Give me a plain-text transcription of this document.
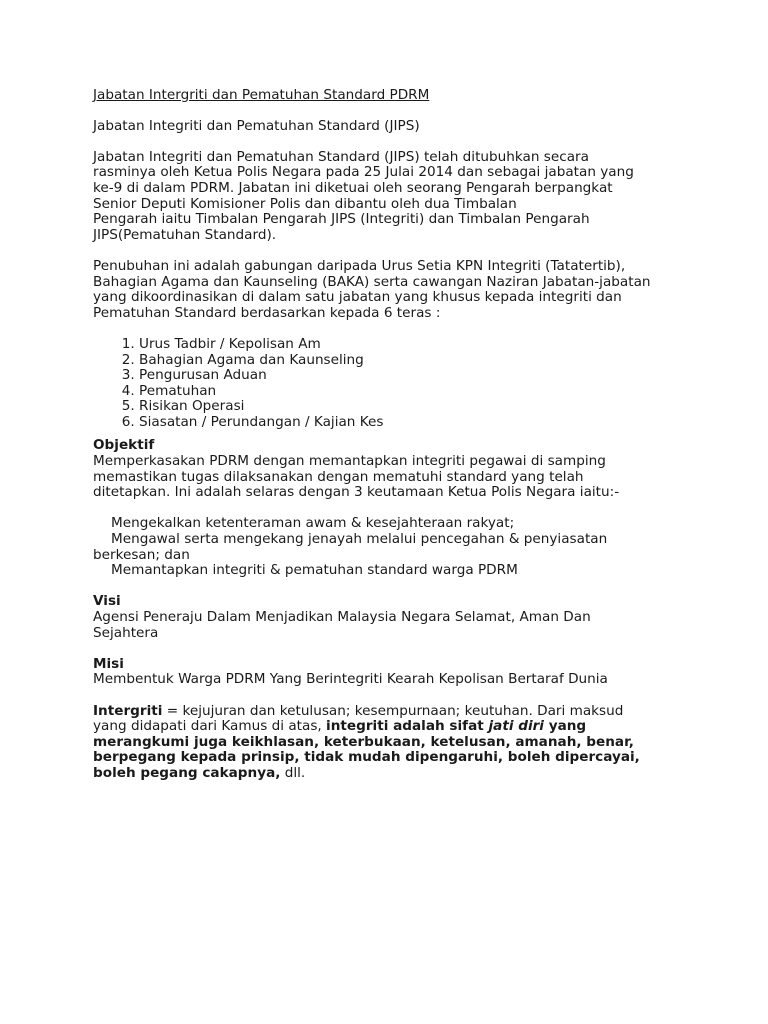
Jabatan Intergriti dan Pematuhan Standard PDRM

Jabatan Integriti dan Pematuhan Standard (JIPS)

Jabatan Integriti dan Pematuhan Standard (JIPS) telah ditubuhkan secara

rasminya oleh Ketua Polis Negara pada 25 Julai 2014 dan sebagai jabatan yang

ke-9 di dalam PDRM. Jabatan ini diketuai oleh seorang Pengarah berpangkat

Senior Deputi Komisioner Polis dan dibantu oleh dua Timbalan

Pengarah iaitu Timbalan Pengarah JIPS (Integriti) dan Timbalan Pengarah

JIPS(Pematuhan Standard).

Penubuhan ini adalah gabungan daripada Urus Setia KPN Integriti (Tatatertib),

Bahagian Agama dan Kaunseling (BAKA) serta cawangan Naziran Jabatan-jabatan

yang dikoordinasikan di dalam satu jabatan yang khusus kepada integriti dan

Pematuhan Standard berdasarkan kepada 6 teras :

1. Urus Tadbir / Kepolisan Am
2. Bahagian Agama dan Kaunseling
3. Pengurusan Aduan
4. Pematuhan
5. Risikan Operasi
6. Siasatan / Perundangan / Kajian Kes

Objektif

Memperkasakan PDRM dengan memantapkan integriti pegawai di samping

memastikan tugas dilaksanakan dengan mematuhi standard yang telah

ditetapkan. Ini adalah selaras dengan 3 keutamaan Ketua Polis Negara iaitu:-

Mengekalkan ketenteraman awam & kesejahteraan rakyat;

Mengawal serta mengekang jenayah melalui pencegahan & penyiasatan

berkesan; dan

Memantapkan integriti & pematuhan standard warga PDRM

Visi

Agensi Peneraju Dalam Menjadikan Malaysia Negara Selamat, Aman Dan

Sejahtera

Misi

Membentuk Warga PDRM Yang Berintegriti Kearah Kepolisan Bertaraf Dunia

Intergriti = kejujuran dan ketulusan; kesempurnaan; keutuhan. Dari maksud

yang didapati dari Kamus di atas, integriti adalah sifat jati diri yang

merangkumi juga keikhlasan, keterbukaan, ketelusan, amanah, benar,

berpegang kepada prinsip, tidak mudah dipengaruhi, boleh dipercayai,

boleh pegang cakapnya, dll.
